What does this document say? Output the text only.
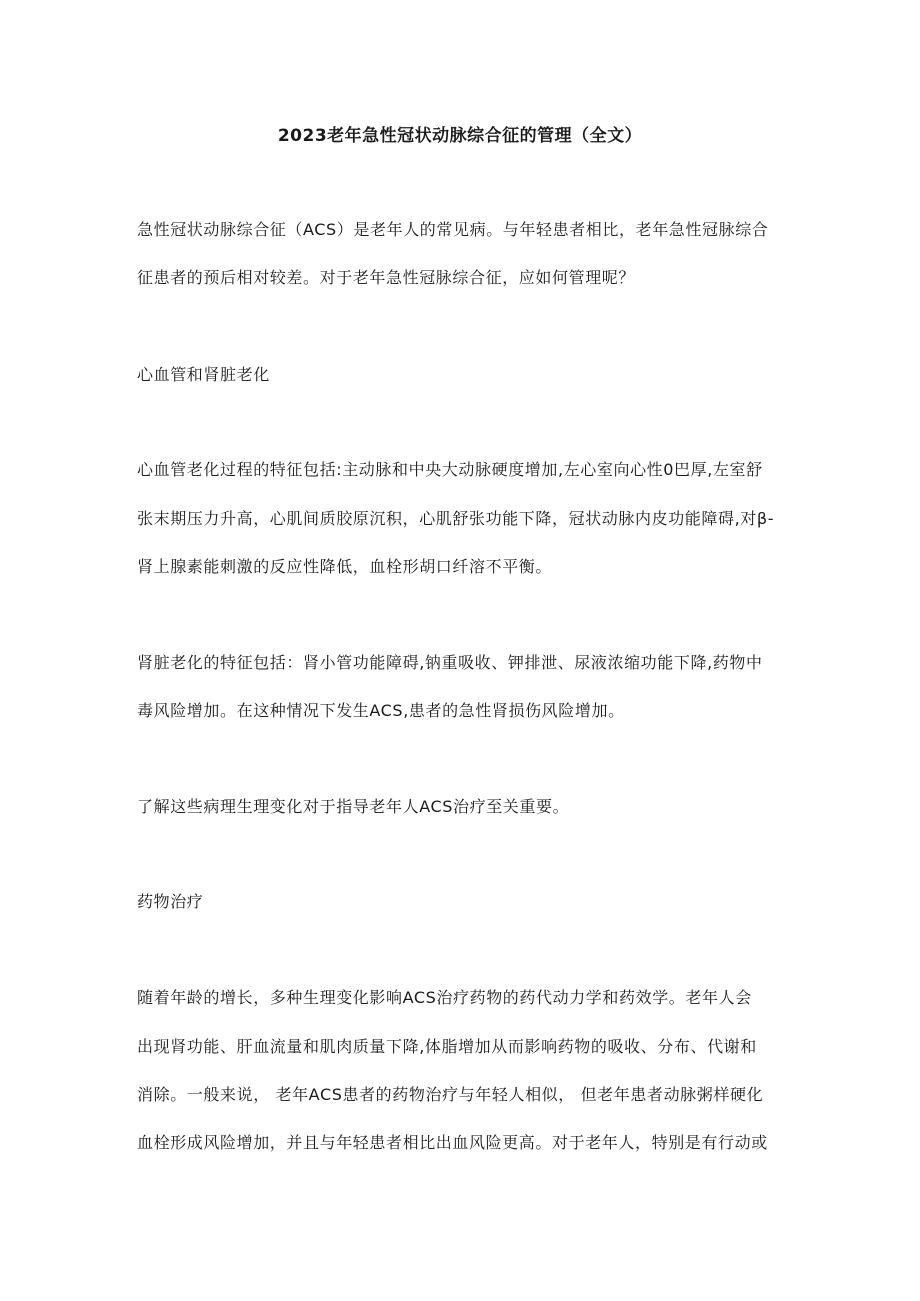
2023老年急性冠状动脉综合征的管理（全文）

急性冠状动脉综合征（ACS）是老年人的常见病。与年轻患者相比，老年急性冠脉综合

征患者的预后相对较差。对于老年急性冠脉综合征，应如何管理呢？

心血管和肾脏老化

心血管老化过程的特征包括:主动脉和中央大动脉硬度增加,左心室向心性0巴厚,左室舒

张末期压力升高，心肌间质胶原沉积，心肌舒张功能下降，冠状动脉内皮功能障碍,对β-

肾上腺素能刺激的反应性降低，血栓形胡口纤溶不平衡。

肾脏老化的特征包括：肾小管功能障碍,钠重吸收、钾排泄、尿液浓缩功能下降,药物中

毒风险增加。在这种情况下发生ACS,患者的急性肾损伤风险增加。

了解这些病理生理变化对于指导老年人ACS治疗至关重要。

药物治疗

随着年龄的增长，多种生理变化影响ACS治疗药物的药代动力学和药效学。老年人会

出现肾功能、肝血流量和肌肉质量下降,体脂增加从而影响药物的吸收、分布、代谢和

消除。一般来说， 老年ACS患者的药物治疗与年轻人相似， 但老年患者动脉粥样硬化

血栓形成风险增加，并且与年轻患者相比出血风险更高。对于老年人，特别是有行动或
